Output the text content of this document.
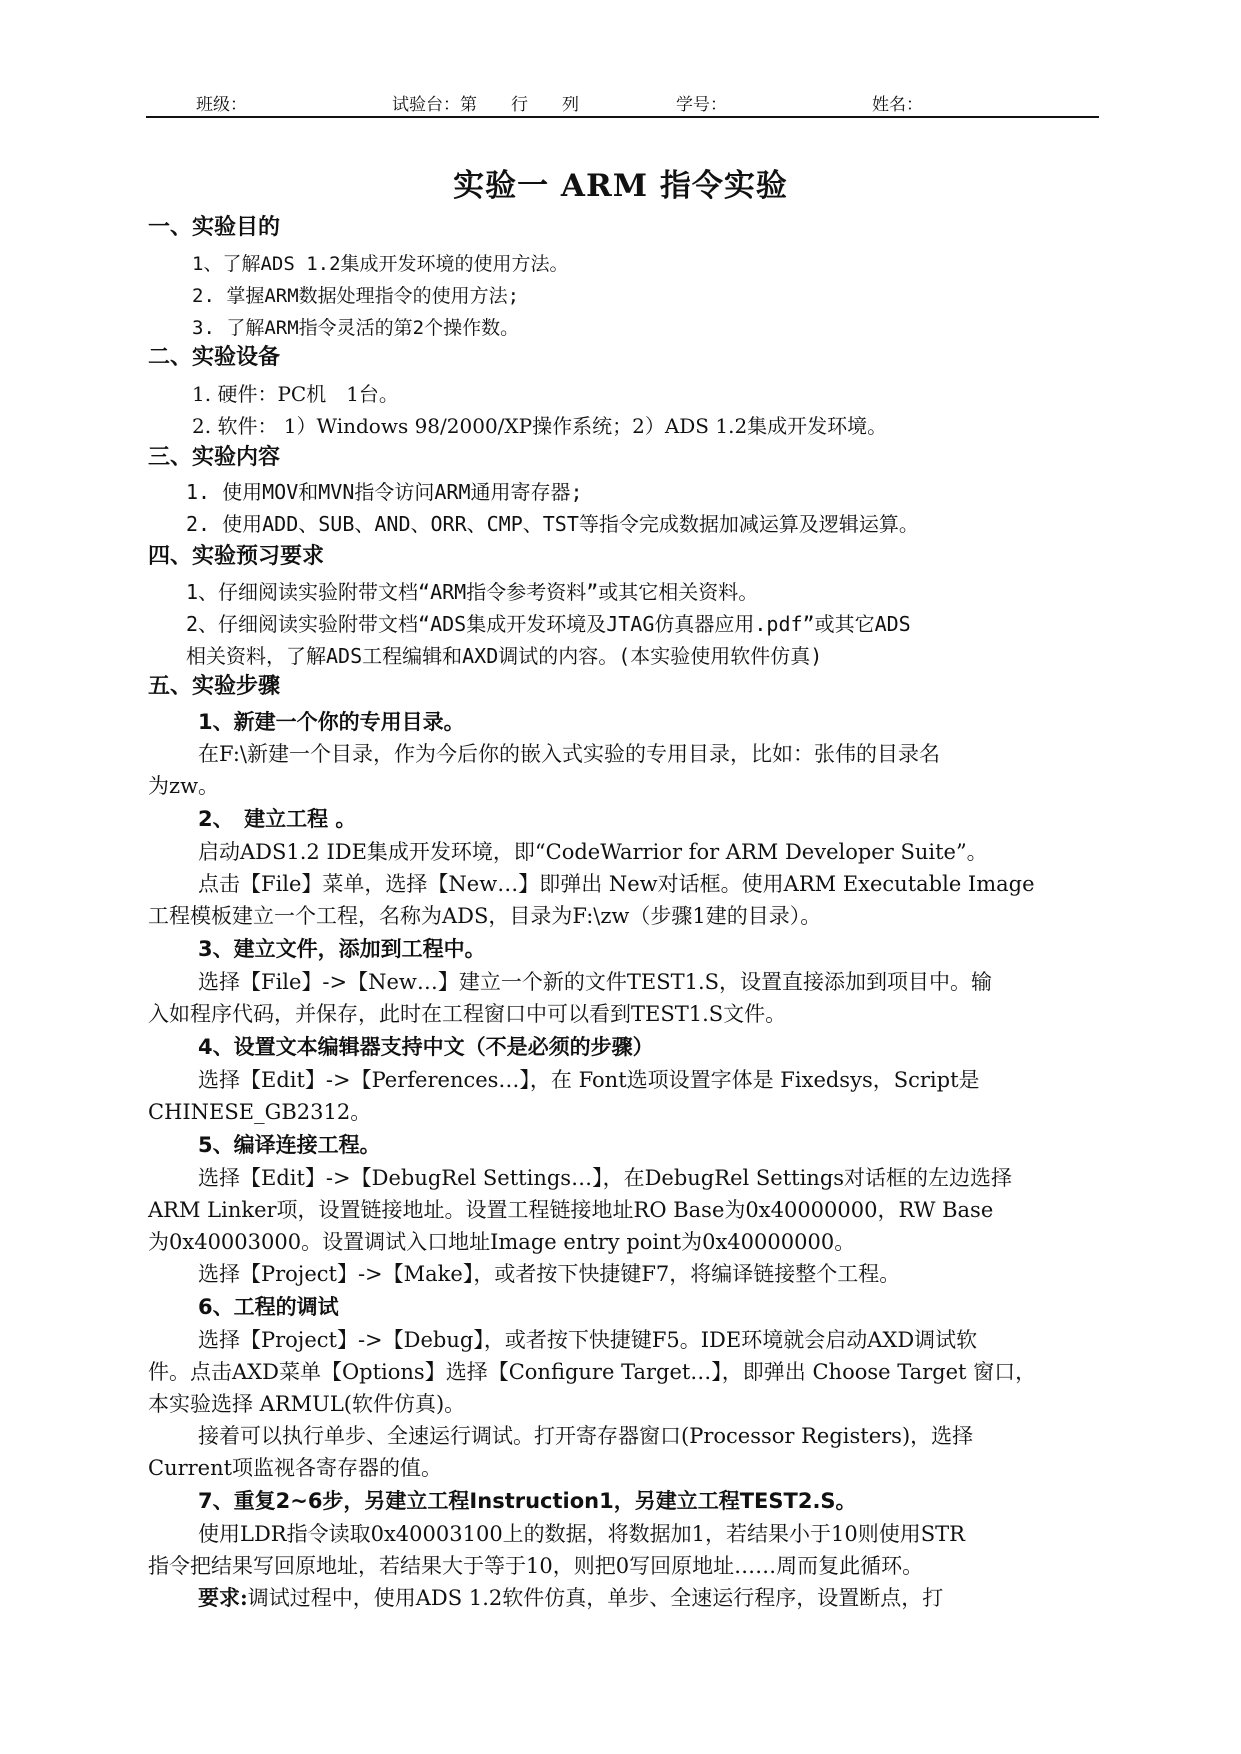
班级：	试验台：第　　行　　列	学号：	姓名：
实验一 ARM 指令实验
一、实验目的
1、了解ADS 1.2集成开发环境的使用方法。
2. 掌握ARM数据处理指令的使用方法;
3. 了解ARM指令灵活的第2个操作数。
二、实验设备
1. 硬件：PC机　1台。
2. 软件： 1）Windows 98/2000/XP操作系统；2）ADS 1.2集成开发环境。
三、实验内容
1. 使用MOV和MVN指令访问ARM通用寄存器;
2. 使用ADD、SUB、AND、ORR、CMP、TST等指令完成数据加减运算及逻辑运算。
四、实验预习要求
1、仔细阅读实验附带文档“ARM指令参考资料”或其它相关资料。
2、仔细阅读实验附带文档“ADS集成开发环境及JTAG仿真器应用.pdf”或其它ADS
相关资料，了解ADS工程编辑和AXD调试的内容。(本实验使用软件仿真)
五、实验步骤
1、新建一个你的专用目录。
在F:\新建一个目录，作为今后你的嵌入式实验的专用目录，比如：张伟的目录名
为zw。
2、　建立工程 。
启动ADS1.2 IDE集成开发环境，即“CodeWarrior for ARM Developer Suite”。
点击【File】菜单，选择【New…】即弹出 New对话框。使用ARM Executable Image
工程模板建立一个工程，名称为ADS，目录为F:\zw（步骤1建的目录）。
3、建立文件，添加到工程中。
选择【File】->【New…】建立一个新的文件TEST1.S，设置直接添加到项目中。输
入如程序代码，并保存，此时在工程窗口中可以看到TEST1.S文件。
4、设置文本编辑器支持中文（不是必须的步骤）
选择【Edit】->【Perferences…】，在 Font选项设置字体是 Fixedsys，Script是
CHINESE_GB2312。
5、编译连接工程。
选择【Edit】->【DebugRel Settings…】，在DebugRel Settings对话框的左边选择
ARM Linker项，设置链接地址。设置工程链接地址RO Base为0x40000000，RW Base
为0x40003000。设置调试入口地址Image entry point为0x40000000。
选择【Project】->【Make】，或者按下快捷键F7，将编译链接整个工程。
6、工程的调试
选择【Project】->【Debug】，或者按下快捷键F5。IDE环境就会启动AXD调试软
件。点击AXD菜单【Options】选择【Configure Target…】，即弹出 Choose Target 窗口，
本实验选择 ARMUL(软件仿真)。
接着可以执行单步、全速运行调试。打开寄存器窗口(Processor Registers)，选择
Current项监视各寄存器的值。
7、重复2~6步，另建立工程Instruction1，另建立工程TEST2.S。
使用LDR指令读取0x40003100上的数据，将数据加1，若结果小于10则使用STR
指令把结果写回原地址，若结果大于等于10，则把0写回原地址……周而复此循环。
要求:调试过程中，使用ADS 1.2软件仿真，单步、全速运行程序，设置断点，打
